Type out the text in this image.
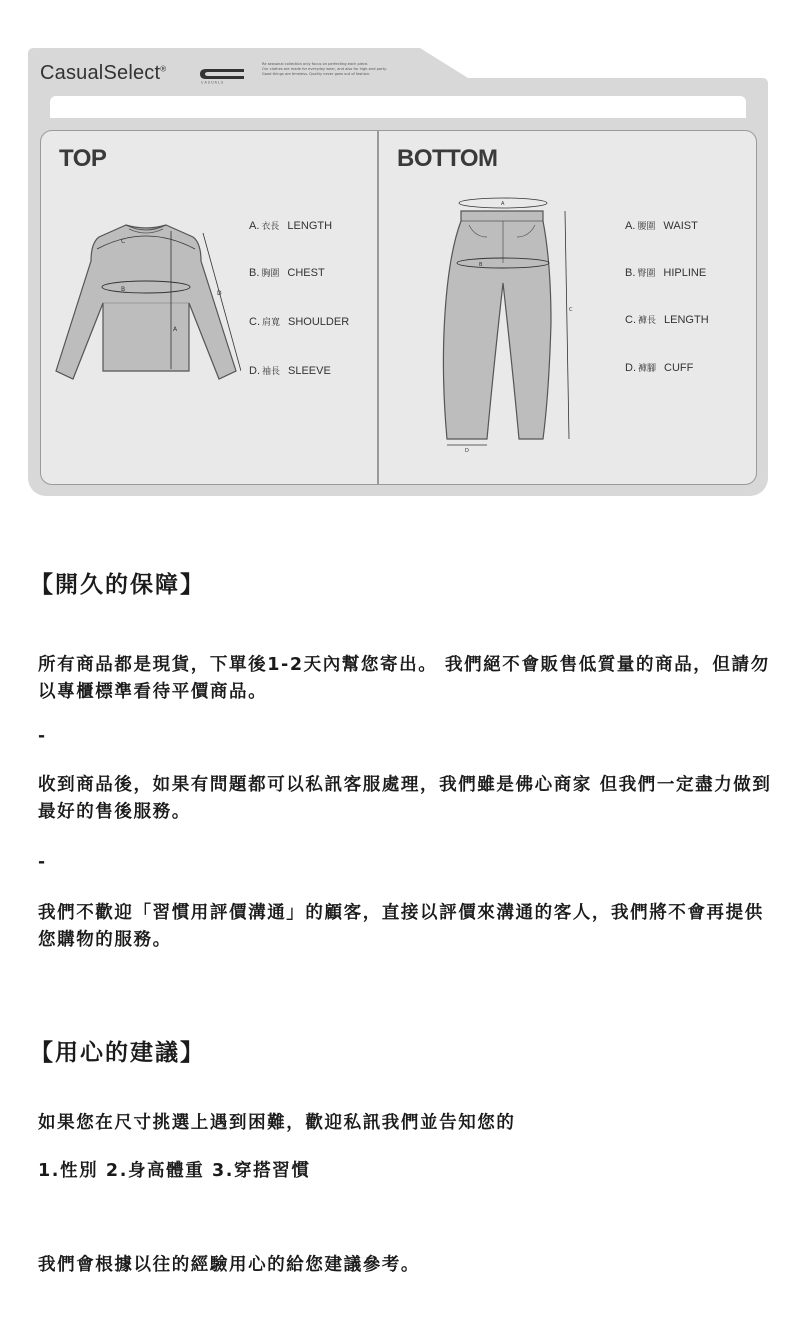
CasualSelect®
C A S U A L S
Re seasonal collection only focus on perfecting each piece.
Our clothes are made for everyday wear, and also for high-end party.
Good things are timeless. Quality never goes out of fashion.
TOP
C
B
A
D
A. 衣長 LENGTH
B. 胸圍 CHEST
C. 肩寬 SHOULDER
D. 袖長 SLEEVE
BOTTOM
A
B
C
D
A. 腰圍 WAIST
B. 臀圍 HIPLINE
C. 褲長 LENGTH
D. 褲腳 CUFF
【開久的保障】
所有商品都是現貨，下單後1-2天內幫您寄出。 我們絕不會販售低質量的商品，但請勿以專櫃標準看待平價商品。
-
收到商品後，如果有問題都可以私訊客服處理，我們雖是佛心商家 但我們一定盡力做到最好的售後服務。
-
我們不歡迎「習慣用評價溝通」的顧客，直接以評價來溝通的客人，我們將不會再提供您購物的服務。
【用心的建議】
如果您在尺寸挑選上遇到困難，歡迎私訊我們並告知您的
1.性別 2.身高體重 3.穿搭習慣
我們會根據以往的經驗用心的給您建議參考。
